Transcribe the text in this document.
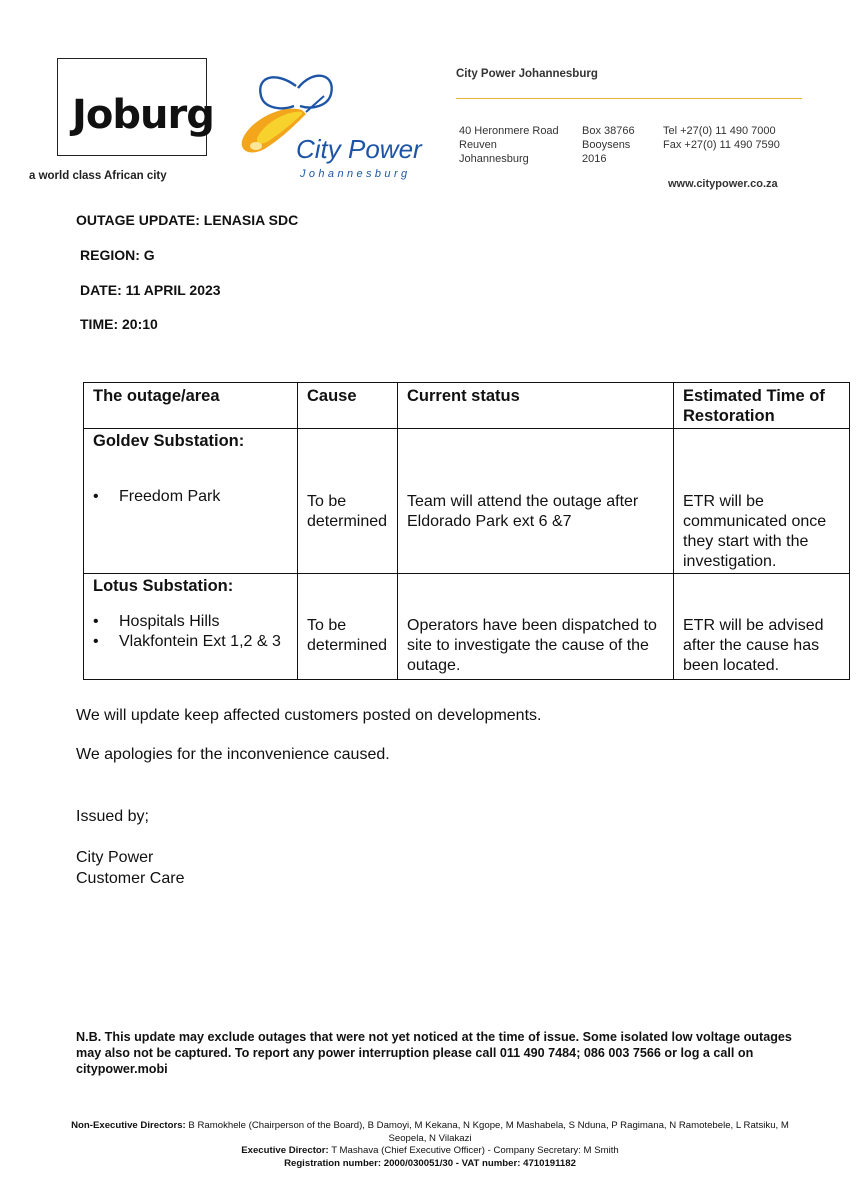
Joburg
a world class African city
City Power
Johannesburg
City Power Johannesburg
40 Heronmere Road
Reuven
Johannesburg
Box 38766
Booysens
2016
Tel +27(0) 11 490 7000
Fax +27(0) 11 490 7590
www.citypower.co.za
OUTAGE UPDATE: LENASIA SDC
REGION: G
DATE: 11 APRIL 2023
TIME: 20:10
The outage/area	Cause	Current status	Estimated Time of Restoration

Goldev Substation:
• Freedom Park	To be determined	Team will attend the outage after Eldorado Park ext 6 &7	ETR will be communicated once they start with the investigation.

Lotus Substation:
• Hospitals Hills
• Vlakfontein Ext 1,2 & 3	To be determined	Operators have been dispatched to site to investigate the cause of the outage.	ETR will be advised after the cause has been located.
We will update keep affected customers posted on developments.
We apologies for the inconvenience caused.
Issued by;
City Power
Customer Care
N.B. This update may exclude outages that were not yet noticed at the time of issue. Some isolated low voltage outages may also not be captured. To report any power interruption please call 011 490 7484; 086 003 7566 or log a call on citypower.mobi
Non-Executive Directors: B Ramokhele (Chairperson of the Board), B Damoyi, M Kekana, N Kgope, M Mashabela, S Nduna, P Ragimana, N Ramotebele, L Ratsiku, M Seopela, N Vilakazi
Executive Director: T Mashava (Chief Executive Officer) - Company Secretary: M Smith
Registration number: 2000/030051/30 - VAT number: 4710191182
